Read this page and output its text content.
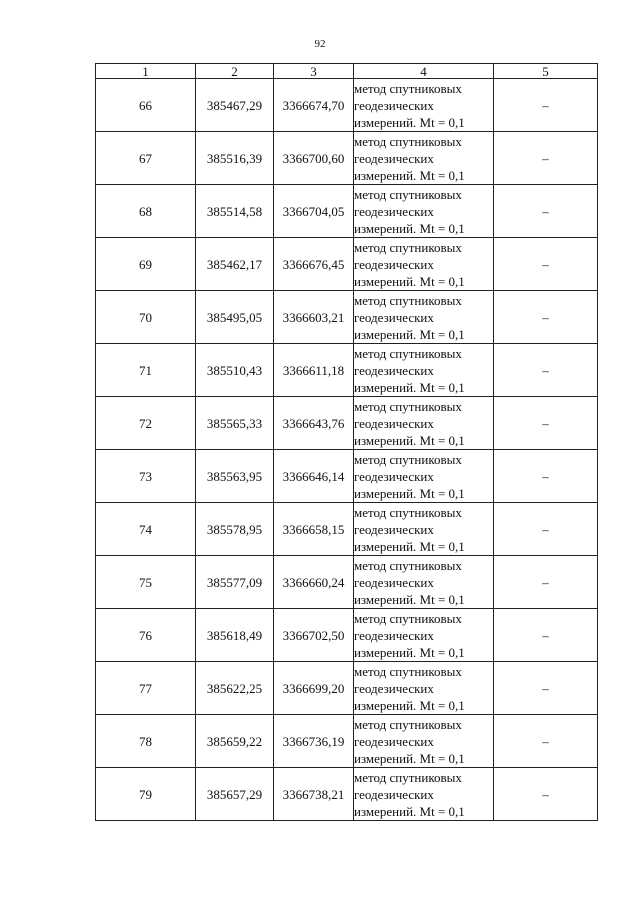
92
1	2	3	4	5
66	385467,29	3366674,70	метод спутниковых
геодезических
измерений. Mt = 0,1	–
67	385516,39	3366700,60	метод спутниковых
геодезических
измерений. Mt = 0,1	–
68	385514,58	3366704,05	метод спутниковых
геодезических
измерений. Mt = 0,1	–
69	385462,17	3366676,45	метод спутниковых
геодезических
измерений. Mt = 0,1	–
70	385495,05	3366603,21	метод спутниковых
геодезических
измерений. Mt = 0,1	–
71	385510,43	3366611,18	метод спутниковых
геодезических
измерений. Mt = 0,1	–
72	385565,33	3366643,76	метод спутниковых
геодезических
измерений. Mt = 0,1	–
73	385563,95	3366646,14	метод спутниковых
геодезических
измерений. Mt = 0,1	–
74	385578,95	3366658,15	метод спутниковых
геодезических
измерений. Mt = 0,1	–
75	385577,09	3366660,24	метод спутниковых
геодезических
измерений. Mt = 0,1	–
76	385618,49	3366702,50	метод спутниковых
геодезических
измерений. Mt = 0,1	–
77	385622,25	3366699,20	метод спутниковых
геодезических
измерений. Mt = 0,1	–
78	385659,22	3366736,19	метод спутниковых
геодезических
измерений. Mt = 0,1	–
79	385657,29	3366738,21	метод спутниковых
геодезических
измерений. Mt = 0,1	–
